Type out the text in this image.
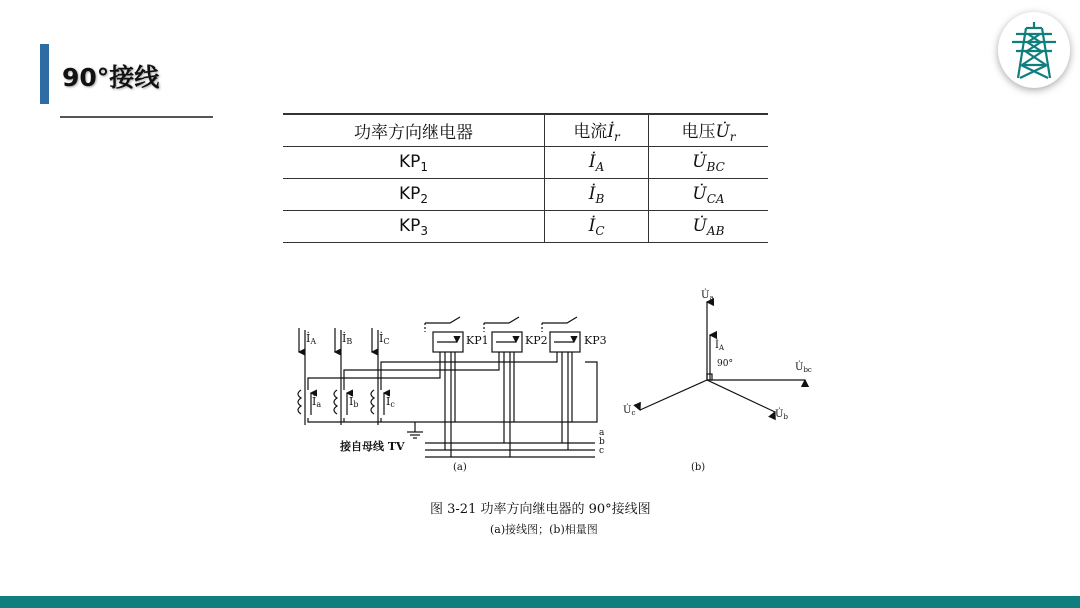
90°接线
功率方向继电器	电流$İ_r$	电压$U̇_r$
$KP_1$	$İ_A$	$U̇_{BC}$
$KP_2$	$İ_B$	$U̇_{CA}$
$KP_3$	$İ_C$	$U̇_{AB}$
İA İB İC
İa	İb	İc
KP1	KP2	KP3
接自母线 TV
a
b
c
(a)
$U̇_a$
$İ_A$
90°	$U̇_{bc}$
$U̇_c$	$U̇_b$
(b)
图 3-21 功率方向继电器的 90°接线图
(a)接线图；(b)相量图
